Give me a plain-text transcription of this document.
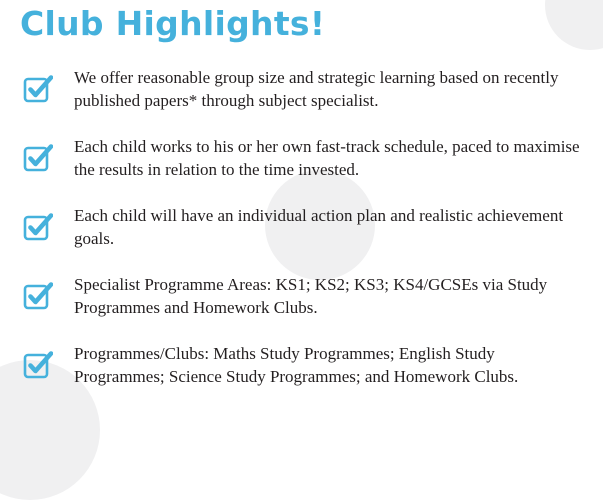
Club Highlights!
We offer reasonable group size and strategic learning based on recently published papers* through subject specialist.
Each child works to his or her own fast-track schedule, paced to maximise the results in relation to the time invested.
Each child will have an individual action plan and realistic achievement goals.
Specialist Programme Areas: KS1; KS2; KS3; KS4/GCSEs via Study Programmes and Homework Clubs.
Programmes/Clubs: Maths Study Programmes; English Study Programmes; Science Study Programmes; and Homework Clubs.
